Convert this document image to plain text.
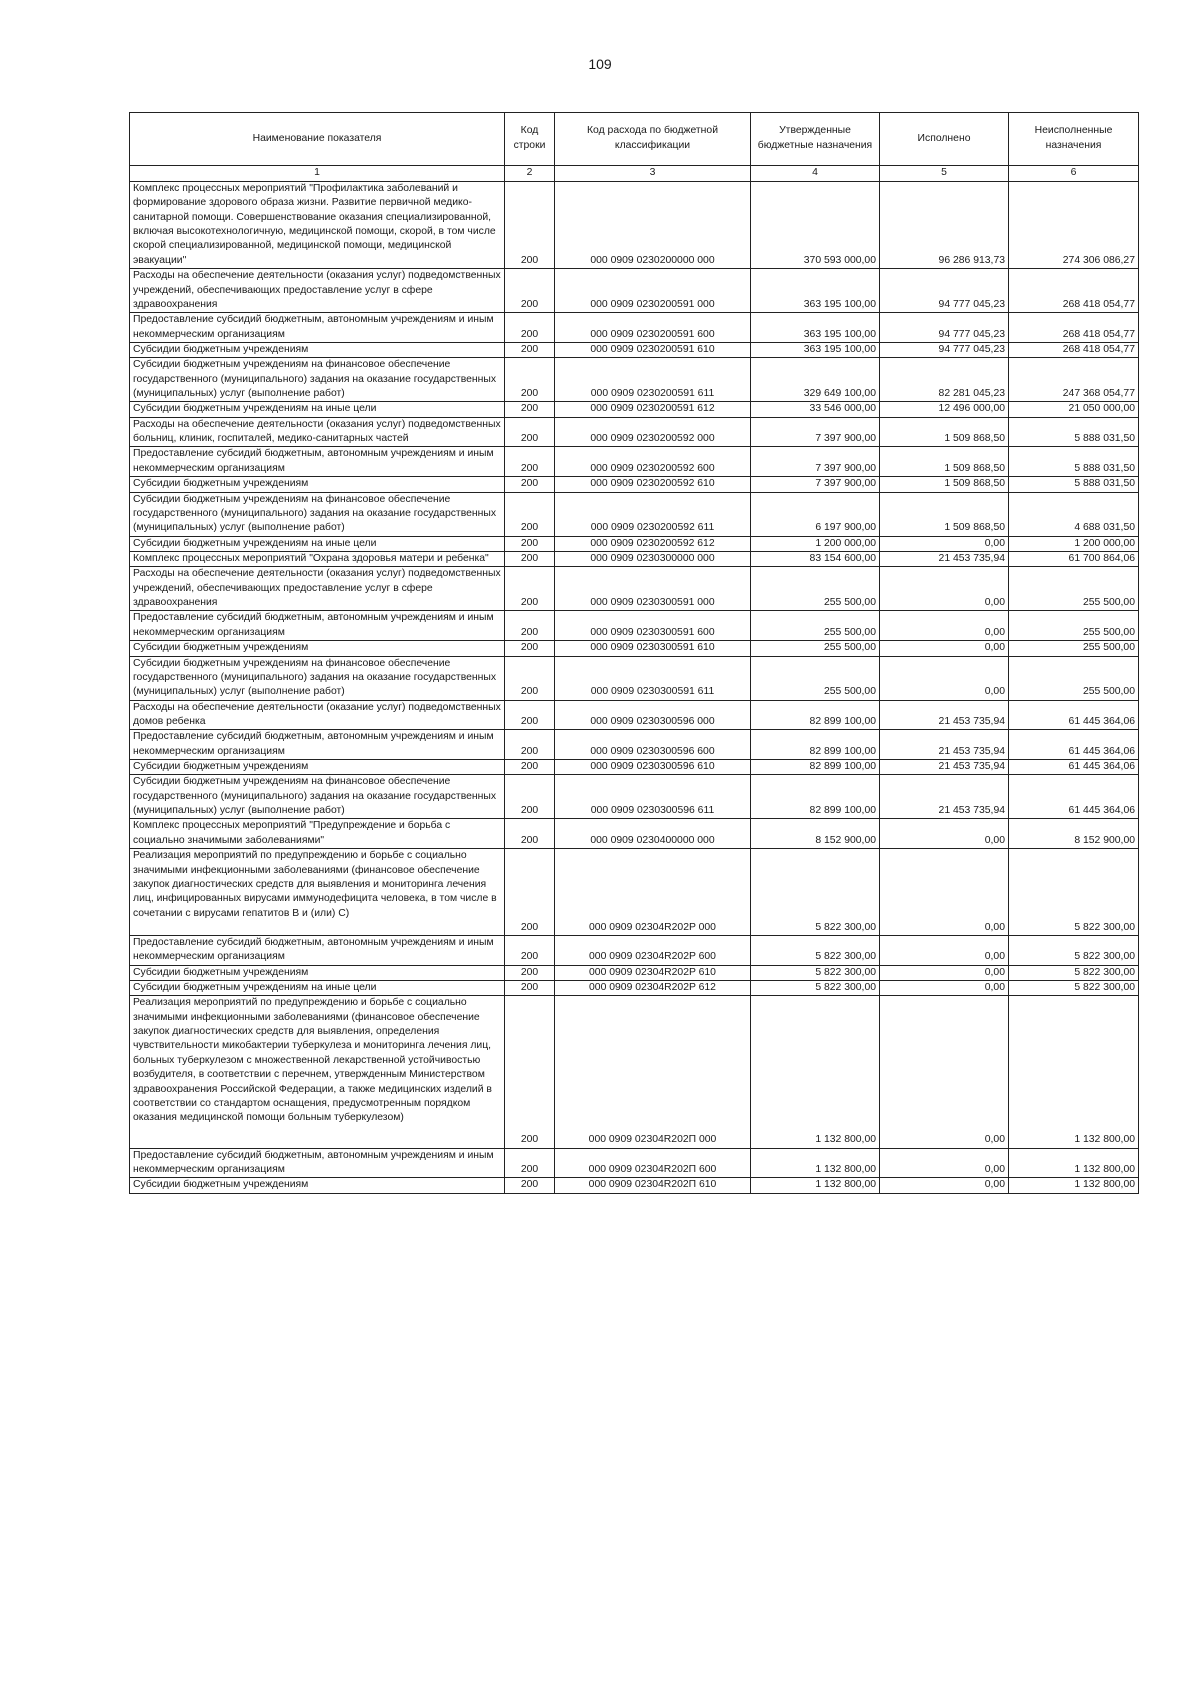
109
Наименование показателя	Код строки	Код расхода по бюджетной классификации	Утвержденные бюджетные назначения	Исполнено	Неисполненные назначения
1	2	3	4	5	6

Комплекс процессных мероприятий "Профилактика заболеваний и формирование здорового образа жизни. Развитие первичной медико-санитарной помощи. Совершенствование оказания специализированной, включая высокотехнологичную, медицинской помощи, скорой, в том числе скорой специализированной, медицинской помощи, медицинской эвакуации"	200	000 0909 0230200000 000	370 593 000,00	96 286 913,73	274 306 086,27

Расходы на обеспечение деятельности (оказания услуг) подведомственных учреждений, обеспечивающих предоставление услуг в сфере здравоохранения	200	000 0909 0230200591 000	363 195 100,00	94 777 045,23	268 418 054,77

Предоставление субсидий бюджетным, автономным учреждениям и иным некоммерческим организациям	200	000 0909 0230200591 600	363 195 100,00	94 777 045,23	268 418 054,77

Субсидии бюджетным учреждениям	200	000 0909 0230200591 610	363 195 100,00	94 777 045,23	268 418 054,77

Субсидии бюджетным учреждениям на финансовое обеспечение государственного (муниципального) задания на оказание государственных (муниципальных) услуг (выполнение работ)	200	000 0909 0230200591 611	329 649 100,00	82 281 045,23	247 368 054,77

Субсидии бюджетным учреждениям на иные цели	200	000 0909 0230200591 612	33 546 000,00	12 496 000,00	21 050 000,00

Расходы на обеспечение деятельности (оказания услуг) подведомственных больниц, клиник, госпиталей, медико-санитарных частей	200	000 0909 0230200592 000	7 397 900,00	1 509 868,50	5 888 031,50

Предоставление субсидий бюджетным, автономным учреждениям и иным некоммерческим организациям	200	000 0909 0230200592 600	7 397 900,00	1 509 868,50	5 888 031,50

Субсидии бюджетным учреждениям	200	000 0909 0230200592 610	7 397 900,00	1 509 868,50	5 888 031,50

Субсидии бюджетным учреждениям на финансовое обеспечение государственного (муниципального) задания на оказание государственных (муниципальных) услуг (выполнение работ)	200	000 0909 0230200592 611	6 197 900,00	1 509 868,50	4 688 031,50

Субсидии бюджетным учреждениям на иные цели	200	000 0909 0230200592 612	1 200 000,00	0,00	1 200 000,00

Комплекс процессных мероприятий "Охрана здоровья матери и ребенка"	200	000 0909 0230300000 000	83 154 600,00	21 453 735,94	61 700 864,06

Расходы на обеспечение деятельности (оказания услуг) подведомственных учреждений, обеспечивающих предоставление услуг в сфере здравоохранения	200	000 0909 0230300591 000	255 500,00	0,00	255 500,00

Предоставление субсидий бюджетным, автономным учреждениям и иным некоммерческим организациям	200	000 0909 0230300591 600	255 500,00	0,00	255 500,00

Субсидии бюджетным учреждениям	200	000 0909 0230300591 610	255 500,00	0,00	255 500,00

Субсидии бюджетным учреждениям на финансовое обеспечение государственного (муниципального) задания на оказание государственных (муниципальных) услуг (выполнение работ)	200	000 0909 0230300591 611	255 500,00	0,00	255 500,00

Расходы на обеспечение деятельности (оказание услуг) подведомственных домов ребенка	200	000 0909 0230300596 000	82 899 100,00	21 453 735,94	61 445 364,06

Предоставление субсидий бюджетным, автономным учреждениям и иным некоммерческим организациям	200	000 0909 0230300596 600	82 899 100,00	21 453 735,94	61 445 364,06

Субсидии бюджетным учреждениям	200	000 0909 0230300596 610	82 899 100,00	21 453 735,94	61 445 364,06

Субсидии бюджетным учреждениям на финансовое обеспечение государственного (муниципального) задания на оказание государственных (муниципальных) услуг (выполнение работ)	200	000 0909 0230300596 611	82 899 100,00	21 453 735,94	61 445 364,06

Комплекс процессных мероприятий "Предупреждение и борьба с социально значимыми заболеваниями"	200	000 0909 0230400000 000	8 152 900,00	0,00	8 152 900,00

Реализация мероприятий по предупреждению и борьбе с социально значимыми инфекционными заболеваниями (финансовое обеспечение закупок диагностических средств для выявления и мониторинга лечения лиц, инфицированных вирусами иммунодефицита человека, в том числе в сочетании с вирусами гепатитов В и (или) С)	200	000 0909 02304R202P 000	5 822 300,00	0,00	5 822 300,00

Предоставление субсидий бюджетным, автономным учреждениям и иным некоммерческим организациям	200	000 0909 02304R202P 600	5 822 300,00	0,00	5 822 300,00

Субсидии бюджетным учреждениям	200	000 0909 02304R202P 610	5 822 300,00	0,00	5 822 300,00

Субсидии бюджетным учреждениям на иные цели	200	000 0909 02304R202P 612	5 822 300,00	0,00	5 822 300,00

Реализация мероприятий по предупреждению и борьбе с социально значимыми инфекционными заболеваниями (финансовое обеспечение закупок диагностических средств для выявления, определения чувствительности микобактерии туберкулеза и мониторинга лечения лиц, больных туберкулезом с множественной лекарственной устойчивостью возбудителя, в соответствии с перечнем, утвержденным Министерством здравоохранения Российской Федерации, а также медицинских изделий в соответствии со стандартом оснащения, предусмотренным порядком оказания медицинской помощи больным туберкулезом)	200	000 0909 02304R202П 000	1 132 800,00	0,00	1 132 800,00

Предоставление субсидий бюджетным, автономным учреждениям и иным некоммерческим организациям	200	000 0909 02304R202П 600	1 132 800,00	0,00	1 132 800,00

Субсидии бюджетным учреждениям	200	000 0909 02304R202П 610	1 132 800,00	0,00	1 132 800,00
